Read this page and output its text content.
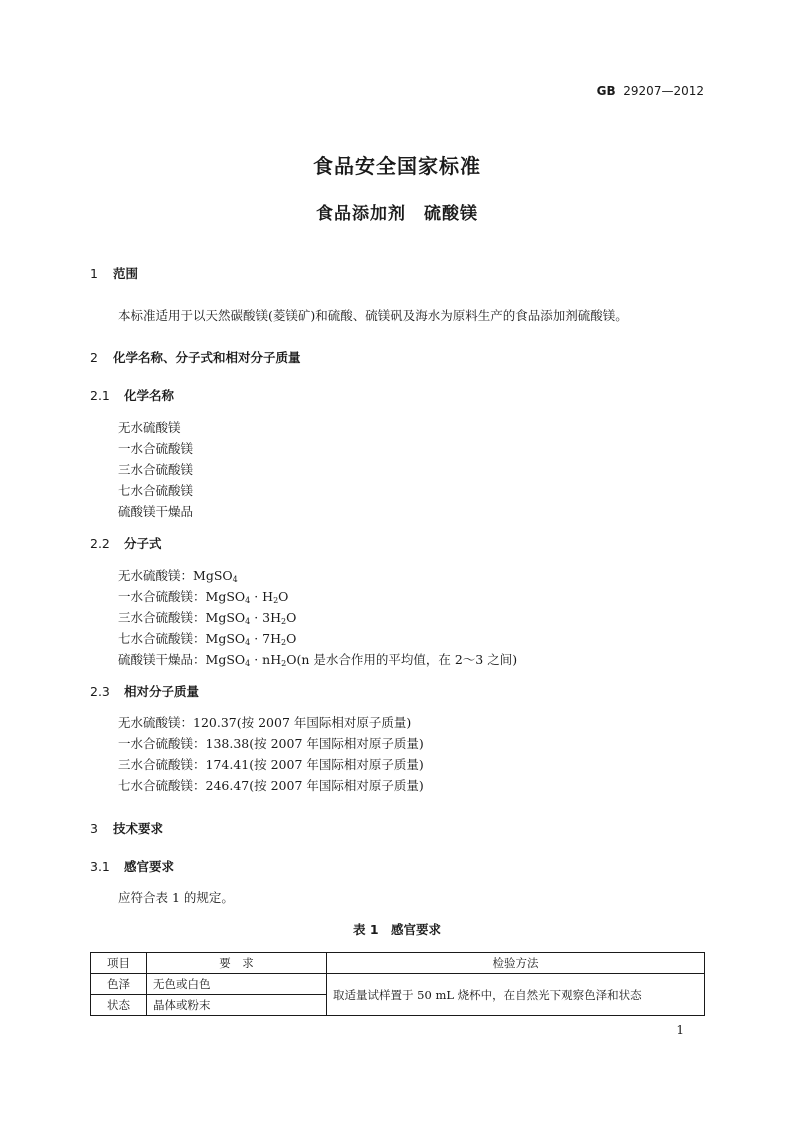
GB 29207—2012
食品安全国家标准
食品添加剂　硫酸镁
1 范围
本标准适用于以天然碳酸镁(菱镁矿)和硫酸、硫镁矾及海水为原料生产的食品添加剂硫酸镁。
2 化学名称、分子式和相对分子质量
2.1 化学名称
无水硫酸镁
一水合硫酸镁
三水合硫酸镁
七水合硫酸镁
硫酸镁干燥品
2.2 分子式
无水硫酸镁：MgSO$_4$
一水合硫酸镁：MgSO$_4$ · $H_2O$
三水合硫酸镁：MgSO$_4$ · $3H_2O$
七水合硫酸镁：MgSO$_4$ · $7H_2O$
硫酸镁干燥品：MgSO$_4$ · $nH_2O(n$ 是水合作用的平均值，在 2～3 之间)
2.3 相对分子质量
无水硫酸镁：120.37(按 2007 年国际相对原子质量)
一水合硫酸镁：138.38(按 2007 年国际相对原子质量)
三水合硫酸镁：174.41(按 2007 年国际相对原子质量)
七水合硫酸镁：246.47(按 2007 年国际相对原子质量)
3 技术要求
3.1 感官要求
应符合表 1 的规定。
表 1　感官要求
项目	要　求	检验方法
色泽	无色或白色	取适量试样置于 50 mL 烧杯中，在自然光下观察色泽和状态
状态	晶体或粉末	
1
